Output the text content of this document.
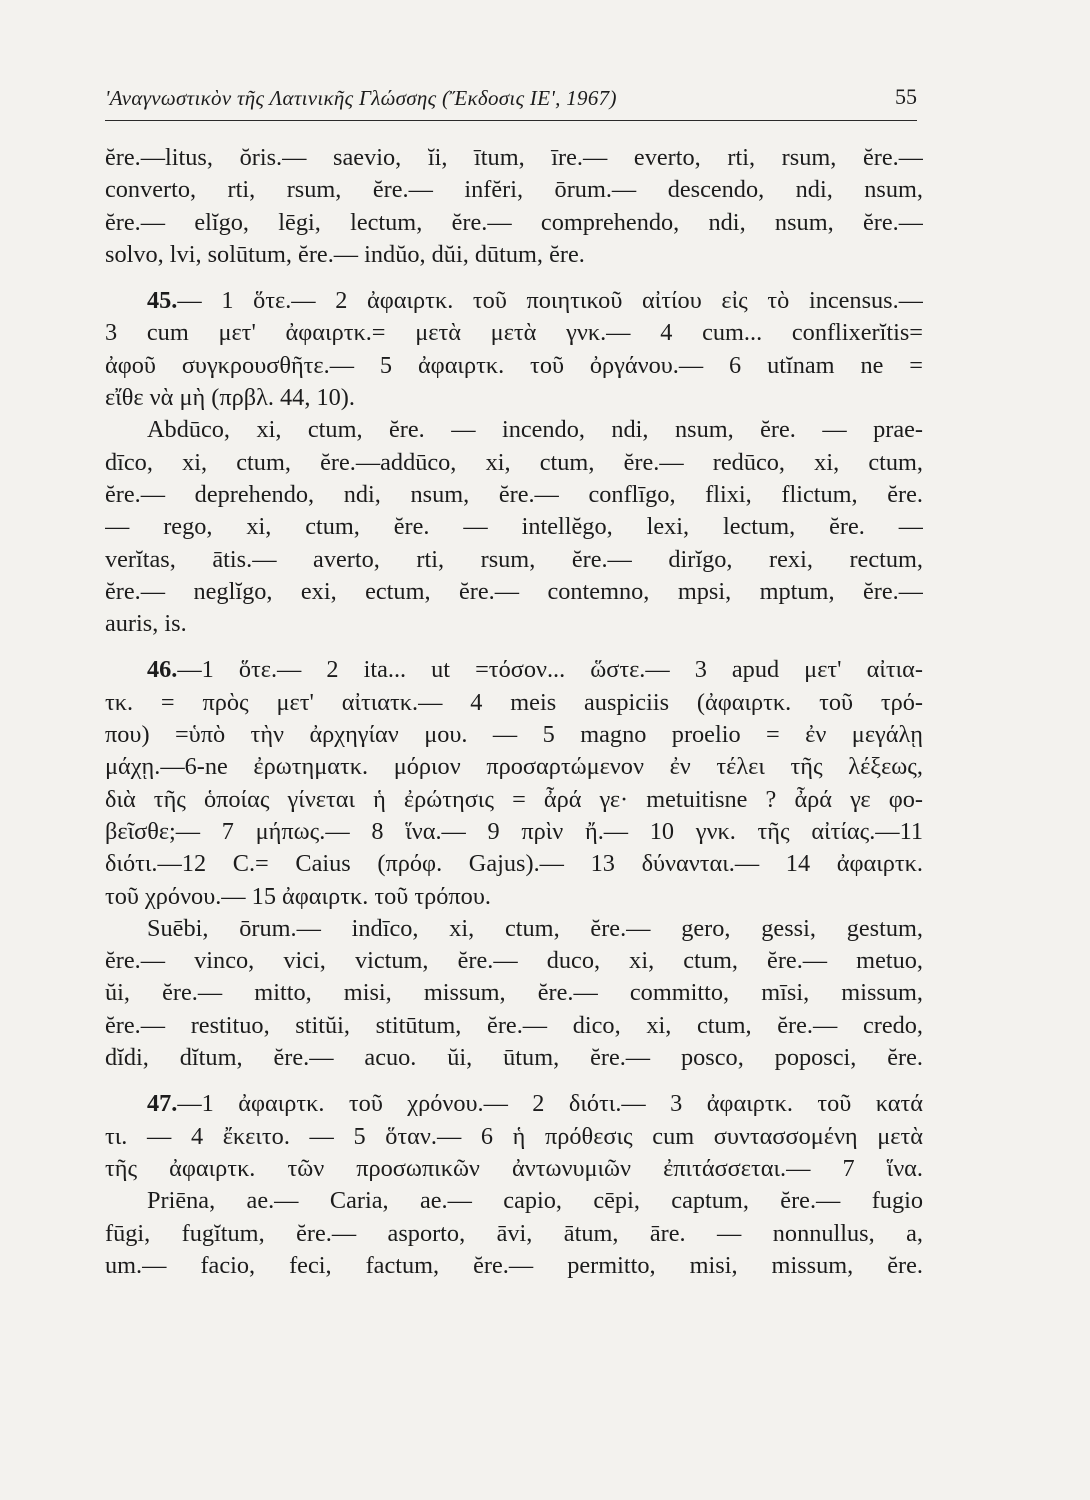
'Αναγνωστικὸν τῆς Λατινικῆς Γλώσσης (Ἔκδοσις ΙΕ', 1967)	55
ĕre.—litus, ŏris.— saevio, ĭi, ītum, īre.— everto, rti, rsum, ĕre.—
converto, rti, rsum, ĕre.— infĕri, ōrum.— descendo, ndi, nsum,
ĕre.— elĭgo, lēgi, lectum, ĕre.— comprehendo, ndi, nsum, ĕre.—
solvo, lvi, solūtum, ĕre.— indŭo, dŭi, dūtum, ĕre.
45.— 1 ὅτε.— 2 ἀφαιρτκ. τοῦ ποιητικοῦ αἰτίου εἰς τὸ incensus.—
3 cum μετ' ἀφαιρτκ.= μετὰ μετὰ γνκ.— 4 cum... conflixerĭtis=
ἀφοῦ συγκρουσθῆτε.— 5 ἀφαιρτκ. τοῦ ὀργάνου.— 6 utĭnam ne =
εἴθε νὰ μὴ (πρβλ. 44, 10).
Abdūco, xi, ctum, ĕre. — incendo, ndi, nsum, ĕre. — prae-
dīco, xi, ctum, ĕre.—addūco, xi, ctum, ĕre.— redūco, xi, ctum,
ĕre.— deprehendo, ndi, nsum, ĕre.— conflīgo, flixi, flictum, ĕre.
— rego, xi, ctum, ĕre. — intellĕgo, lexi, lectum, ĕre. —
verĭtas, ātis.— averto, rti, rsum, ĕre.— dirĭgo, rexi, rectum,
ĕre.— neglĭgo, exi, ectum, ĕre.— contemno, mpsi, mptum, ĕre.—
auris, is.
46.—1 ὅτε.— 2 ita... ut =τόσον... ὥστε.— 3 apud μετ' αἰτια-
τκ. = πρὸς μετ' αἰτιατκ.— 4 meis auspiciis (ἀφαιρτκ. τοῦ τρό-
που) =ὑπὸ τὴν ἀρχηγίαν μου. — 5 magno proelio = ἐν μεγάλῃ
μάχῃ.—6-ne ἐρωτηματκ. μόριον προσαρτώμενον ἐν τέλει τῆς λέξεως,
διὰ τῆς ὁποίας γίνεται ἡ ἐρώτησις = ἆρά γε· metuitisne ? ἆρά γε φο-
βεῖσθε;— 7 μήπως.— 8 ἵνα.— 9 πρὶν ἤ.— 10 γνκ. τῆς αἰτίας.—11
διότι.—12 C.= Caius (πρόφ. Gajus).— 13 δύνανται.— 14 ἀφαιρτκ.
τοῦ χρόνου.— 15 ἀφαιρτκ. τοῦ τρόπου.
Suēbi, ōrum.— indīco, xi, ctum, ĕre.— gero, gessi, gestum,
ĕre.— vinco, vici, victum, ĕre.— duco, xi, ctum, ĕre.— metuo,
ŭi, ĕre.— mitto, misi, missum, ĕre.— committo, mīsi, missum,
ĕre.— restituo, stitŭi, stitūtum, ĕre.— dico, xi, ctum, ĕre.— credo,
dĭdi, dĭtum, ĕre.— acuo. ŭi, ūtum, ĕre.— posco, poposci, ĕre.
47.—1 ἀφαιρτκ. τοῦ χρόνου.— 2 διότι.— 3 ἀφαιρτκ. τοῦ κατά
τι. — 4 ἔκειτο. — 5 ὅταν.— 6 ἡ πρόθεσις cum συντασσομένη μετὰ
τῆς ἀφαιρτκ. τῶν προσωπικῶν ἀντωνυμιῶν ἐπιτάσσεται.— 7 ἵνα.
Priēna, ae.— Caria, ae.— capio, cēpi, captum, ĕre.— fugio
fūgi, fugĭtum, ĕre.— asporto, āvi, ātum, āre. — nonnullus, a,
um.— facio, feci, factum, ĕre.— permitto, misi, missum, ĕre.
